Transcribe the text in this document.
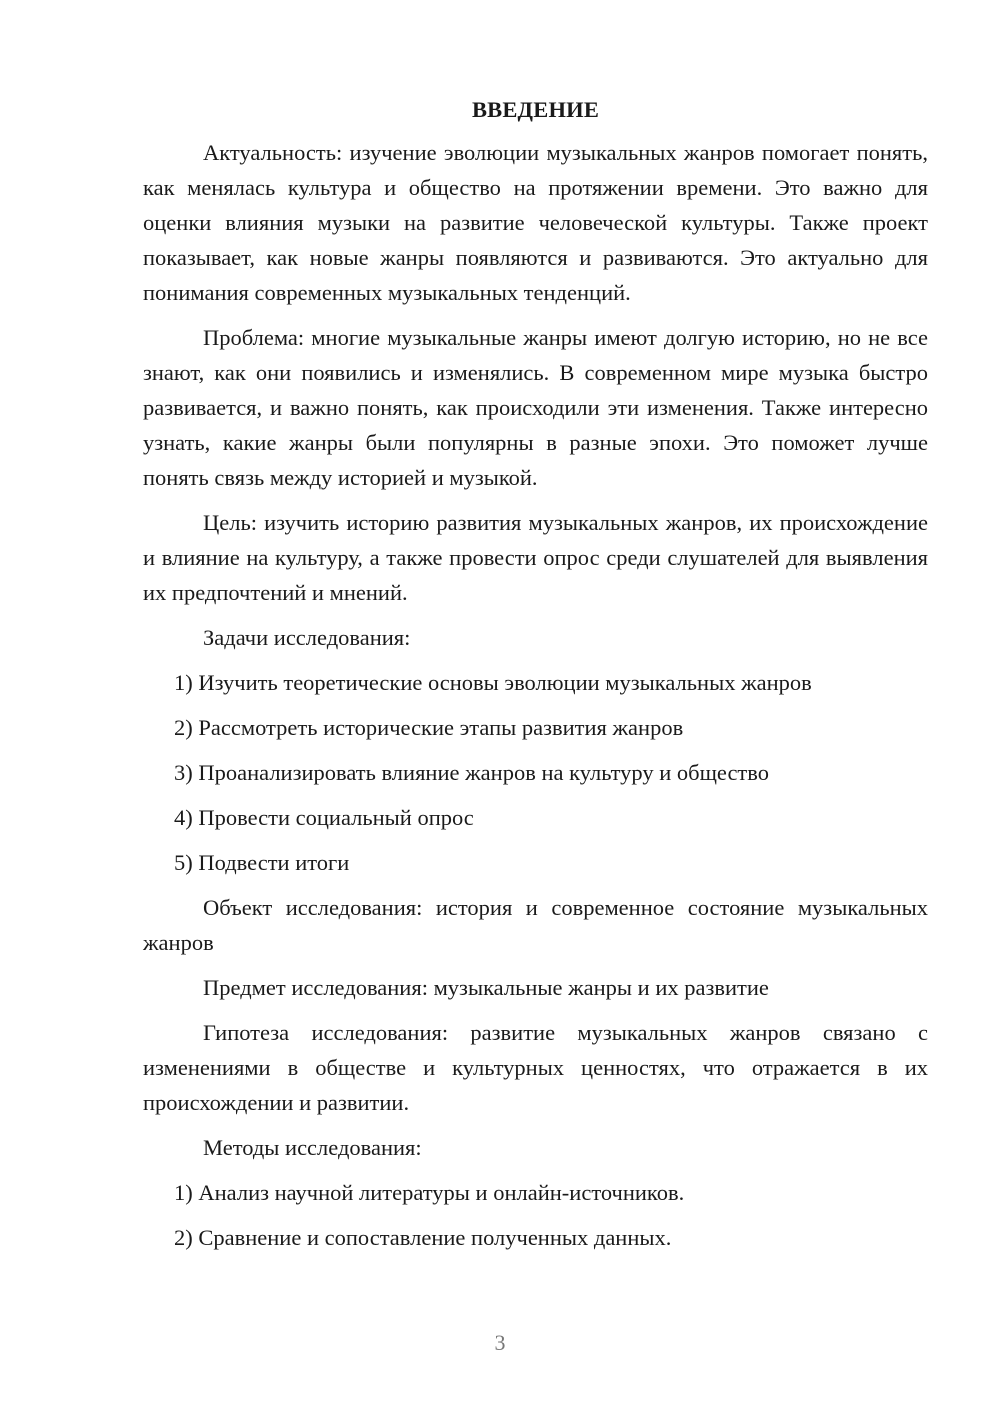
ВВЕДЕНИЕ

Актуальность: изучение эволюции музыкальных жанров помогает понять, как менялась культура и общество на протяжении времени. Это важно для оценки влияния музыки на развитие человеческой культуры. Также проект показывает, как новые жанры появляются и развиваются. Это актуально для понимания современных музыкальных тенденций.

Проблема: многие музыкальные жанры имеют долгую историю, но не все знают, как они появились и изменялись. В современном мире музыка быстро развивается, и важно понять, как происходили эти изменения. Также интересно узнать, какие жанры были популярны в разные эпохи. Это поможет лучше понять связь между историей и музыкой.

Цель: изучить историю развития музыкальных жанров, их происхождение и влияние на культуру, а также провести опрос среди слушателей для выявления их предпочтений и мнений.

Задачи исследования:

1) Изучить теоретические основы эволюции музыкальных жанров
2) Рассмотреть исторические этапы развития жанров
3) Проанализировать влияние жанров на культуру и общество
4) Провести социальный опрос
5) Подвести итоги

Объект исследования: история и современное состояние музыкальных жанров

Предмет исследования: музыкальные жанры и их развитие

Гипотеза исследования: развитие музыкальных жанров связано с изменениями в обществе и культурных ценностях, что отражается в их происхождении и развитии.

Методы исследования:

1) Анализ научной литературы и онлайн-источников.
2) Сравнение и сопоставление полученных данных.
3
